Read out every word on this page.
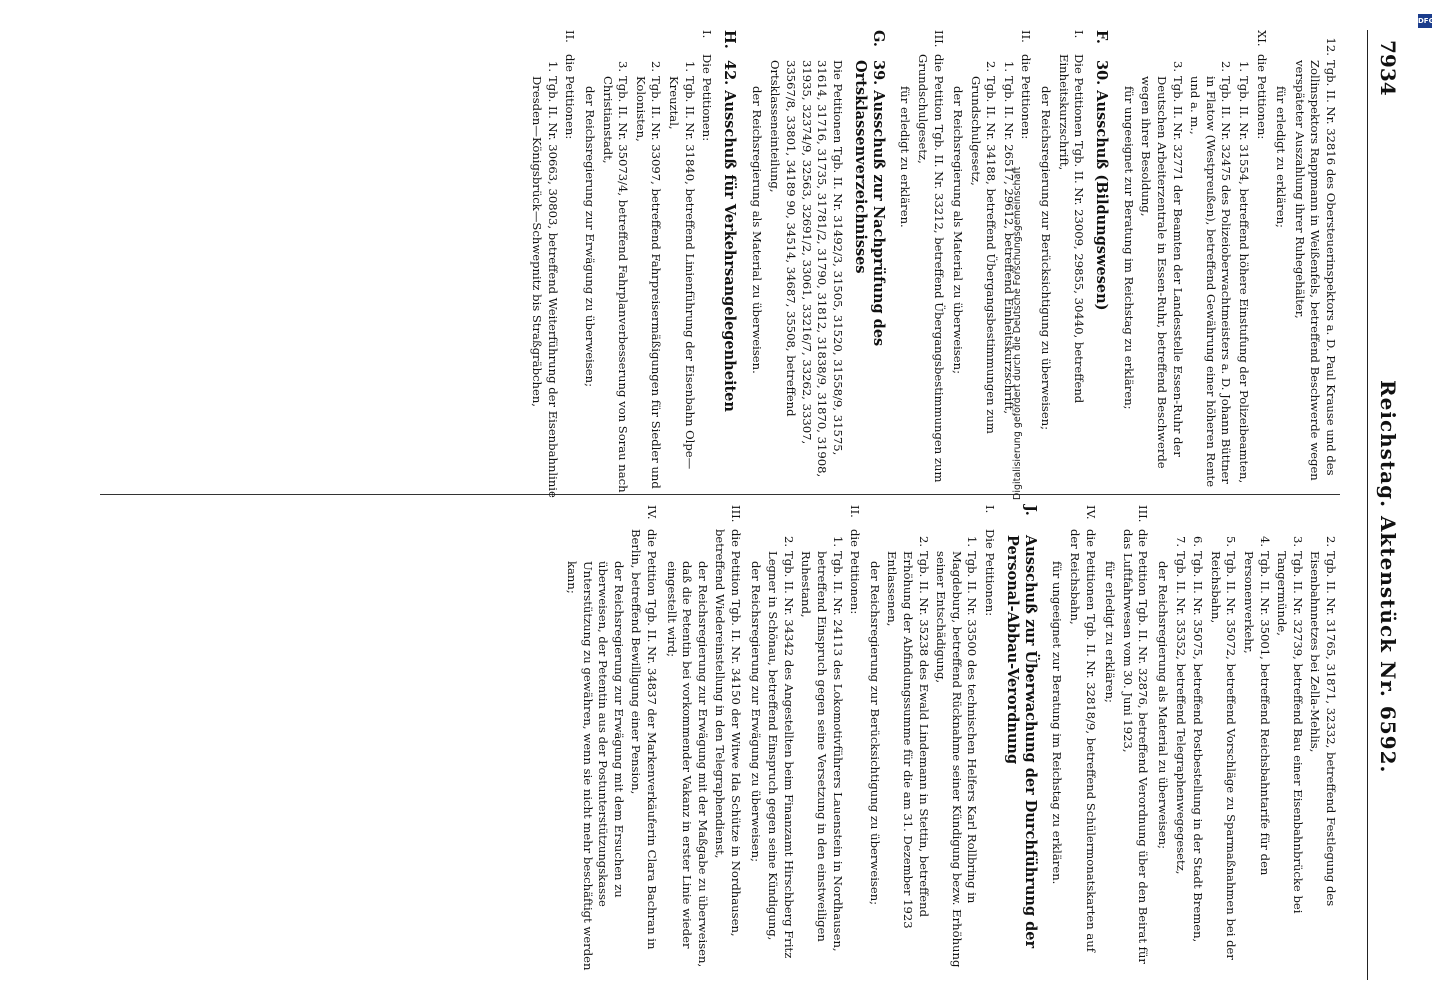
7934
Reichstag. Aktenstück Nr. 6592.
12.
Tgb. II. Nr. 32816 des Obersteuerinspektors a. D. Paul Krause und des Zollinspektors Rappmann in Weißenfels, betreffend Beschwerde wegen verspäteter Auszahlung ihrer Ruhegehälter,
für erledigt zu erklären;
XI.
die Petitionen:
1.
Tgb. II. Nr. 31554, betreffend höhere Einstufung der Polizeibeamten,
2.
Tgb. II. Nr. 32475 des Polizeioberwachtmeisters a. D. Johann Büttner in Flatow (Westpreußen), betreffend Gewährung einer höheren Rente und a. m.,
3.
Tgb. II. Nr. 32771 der Beamten der Landesstelle Essen-Ruhr der Deutschen Arbeiterzentrale in Essen-Ruhr, betreffend Beschwerde wegen ihrer Besoldung,
für ungeeignet zur Beratung im Reichstag zu erklären;
F.
30. Ausschuß (Bildungswesen)
I.
Die Petitionen Tgb. II. Nr. 23009, 29855, 30440, betreffend Einheitskurzschrift,
der Reichsregierung zur Berücksichtigung zu überweisen;
II.
die Petitionen:
1.
Tgb. II. Nr. 26517, 29612, betreffend Einheitskurzschrift,
2.
Tgb. II. Nr. 34188, betreffend Übergangsbestimmungen zum Grundschulgesetz,
der Reichsregierung als Material zu überweisen;
III.
die Petition Tgb. II. Nr. 33212, betreffend Übergangsbestimmungen zum Grundschulgesetz,
für erledigt zu erklären.
G.
39. Ausschuß zur Nachprüfung des Ortsklassenverzeichnisses
Die Petitionen Tgb. II. Nr. 31492/3, 31505, 31520, 31558/9, 31575, 31614, 31716, 31735, 31781/2, 31790, 31812, 31838/9, 31870, 31908, 31935, 32374/9, 32563, 32691/2, 33061, 33216/7, 33262, 33307, 33567/8, 33801, 34189 90, 34514, 34687, 35508, betreffend Ortsklasseneinteilung,
der Reichsregierung als Material zu überweisen.
H.
42. Ausschuß für Verkehrsangelegenheiten
I.
Die Petitionen:
1.
Tgb. II. Nr. 31840, betreffend Linienführung der Eisenbahn Olpe—Kreuztal,
2.
Tgb. II. Nr. 33097, betreffend Fahrpreisermäßigungen für Siedler und Kolonisten,
3.
Tgb. II. Nr. 35073/4, betreffend Fahrplanverbesserung von Sorau nach Christianstadt,
der Reichsregierung zur Erwägung zu überweisen;
II.
die Petitionen:
1.
Tgb. II. Nr. 30663, 30803, betreffend Weiterführung der Eisenbahnlinie Dresden—Königsbrück—Schwepnitz bis Straßgräbchen,
2.
Tgb. II. Nr. 31765, 31871, 32332, betreffend Festlegung des Eisenbahnnetzes bei Zella-Mehlis,
3.
Tgb. II. Nr. 32739, betreffend Bau einer Eisenbahnbrücke bei Tangermünde,
4.
Tgb. II. Nr. 35001, betreffend Reichsbahntarife für den Personenverkehr,
5.
Tgb. II. Nr. 35072, betreffend Vorschläge zu Sparmaßnahmen bei der Reichsbahn,
6.
Tgb. II. Nr. 35075, betreffend Postbestellung in der Stadt Bremen,
7.
Tgb. II. Nr. 35352, betreffend Telegraphenwegegesetz,
der Reichsregierung als Material zu überweisen;
III.
die Petition Tgb. II. Nr. 32876, betreffend Verordnung über den Beirat für das Luftfahrwesen vom 30. Juni 1923,
für erledigt zu erklären;
IV.
die Petitionen Tgb. II. Nr. 32818/9, betreffend Schülermonatskarten auf der Reichsbahn,
für ungeeignet zur Beratung im Reichstag zu erklären.
J.
Ausschuß zur Überwachung der Durchführung der Personal-Abbau-Verordnung
I.
Die Petitionen:
1.
Tgb. II. Nr. 33500 des technischen Helfers Karl Rollbring in Magdeburg, betreffend Rücknahme seiner Kündigung bezw. Erhöhung seiner Entschädigung,
2.
Tgb. II. Nr. 35238 des Ewald Lindemann in Stettin, betreffend Erhöhung der Abfindungssumme für die am 31. Dezember 1923 Entlassenen,
der Reichsregierung zur Berücksichtigung zu überweisen;
II.
die Petitionen:
1.
Tgb. II. Nr. 24113 des Lokomotivführers Lauenstein in Nordhausen, betreffend Einspruch gegen seine Versetzung in den einstweiligen Ruhestand,
2.
Tgb. II. Nr. 34342 des Angestellten beim Finanzamt Hirschberg Fritz Legner in Schönau, betreffend Einspruch gegen seine Kündigung,
der Reichsregierung zur Erwägung zu überweisen;
III.
die Petition Tgb. II. Nr. 34150 der Witwe Ida Schütze in Nordhausen, betreffend Wiedereinstellung in den Telegraphendienst,
der Reichsregierung zur Erwägung mit der Maßgabe zu überweisen, daß die Petentin bei vorkommender Vakanz in erster Linie wieder eingestellt wird;
IV.
die Petition Tgb. II. Nr. 34837 der Markenverkäuferin Clara Bachran in Berlin, betreffend Bewilligung einer Pension,
der Reichsregierung zur Erwägung mit dem Ersuchen zu überweisen, der Petentin aus der Postunterstützungskasse Unterstützung zu gewähren, wenn sie nicht mehr beschäftigt werden kann;
DFG
Digitalisierung gefördert durch die Deutsche Forschungsgemeinschaft
